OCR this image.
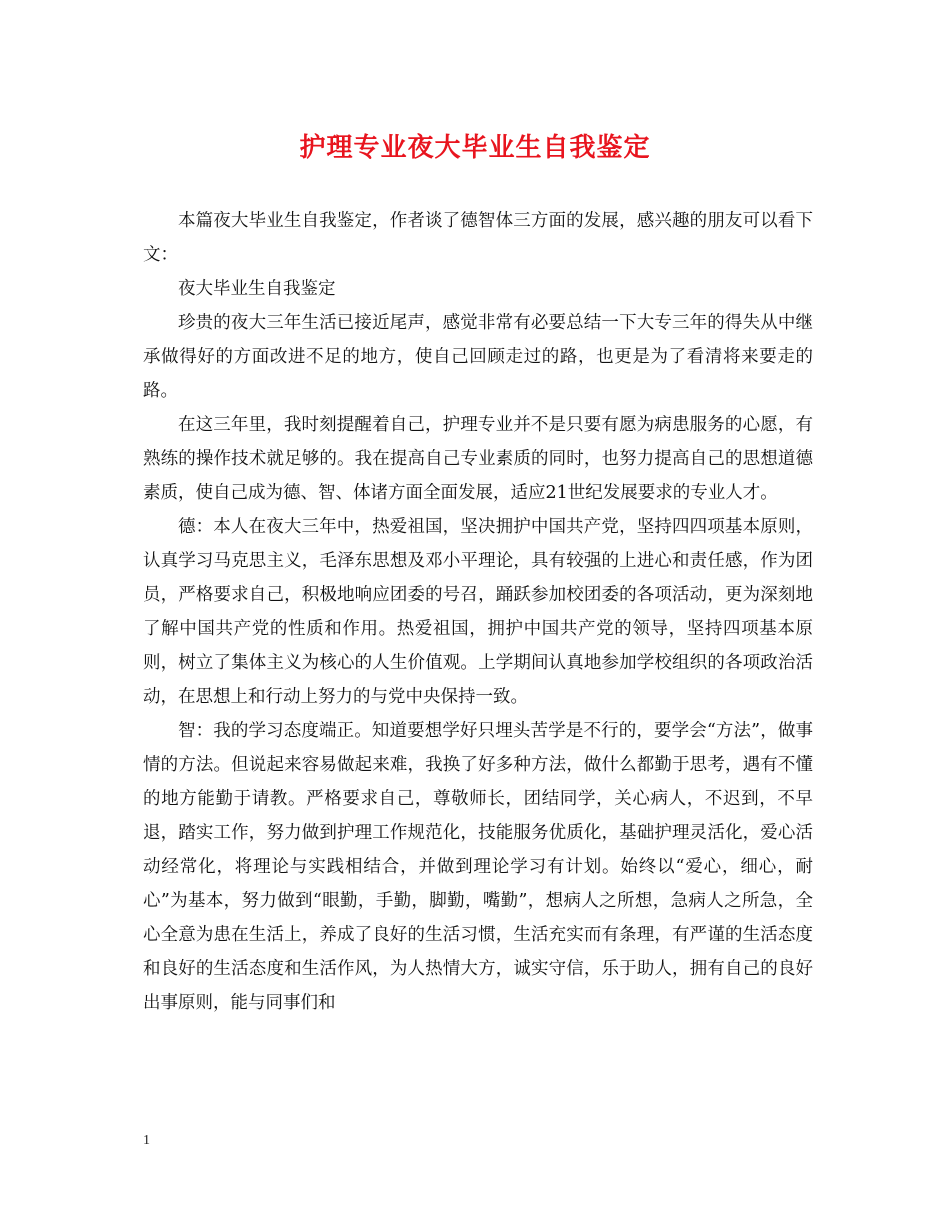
护理专业夜大毕业生自我鉴定

本篇夜大毕业生自我鉴定，作者谈了德智体三方面的发展，感兴趣的朋友可以看下文：

夜大毕业生自我鉴定

珍贵的夜大三年生活已接近尾声，感觉非常有必要总结一下大专三年的得失从中继承做得好的方面改进不足的地方，使自己回顾走过的路，也更是为了看清将来要走的路。

在这三年里，我时刻提醒着自己，护理专业并不是只要有愿为病患服务的心愿，有熟练的操作技术就足够的。我在提高自己专业素质的同时，也努力提高自己的思想道德素质，使自己成为德、智、体诸方面全面发展，适应21世纪发展要求的专业人才。

德：本人在夜大三年中，热爱祖国，坚决拥护中国共产党，坚持四四项基本原则，认真学习马克思主义，毛泽东思想及邓小平理论，具有较强的上进心和责任感，作为团员，严格要求自己，积极地响应团委的号召，踊跃参加校团委的各项活动，更为深刻地了解中国共产党的性质和作用。热爱祖国，拥护中国共产党的领导，坚持四项基本原则，树立了集体主义为核心的人生价值观。上学期间认真地参加学校组织的各项政治活动，在思想上和行动上努力的与党中央保持一致。

智：我的学习态度端正。知道要想学好只埋头苦学是不行的，要学会“方法”，做事情的方法。但说起来容易做起来难，我换了好多种方法，做什么都勤于思考，遇有不懂的地方能勤于请教。严格要求自己，尊敬师长，团结同学，关心病人，不迟到，不早退，踏实工作，努力做到护理工作规范化，技能服务优质化，基础护理灵活化，爱心活动经常化，将理论与实践相结合，并做到理论学习有计划。始终以“爱心，细心，耐心”为基本，努力做到“眼勤，手勤，脚勤，嘴勤”，想病人之所想，急病人之所急，全心全意为患在生活上，养成了良好的生活习惯，生活充实而有条理，有严谨的生活态度和良好的生活态度和生活作风，为人热情大方，诚实守信，乐于助人，拥有自己的良好出事原则，能与同事们和

1
